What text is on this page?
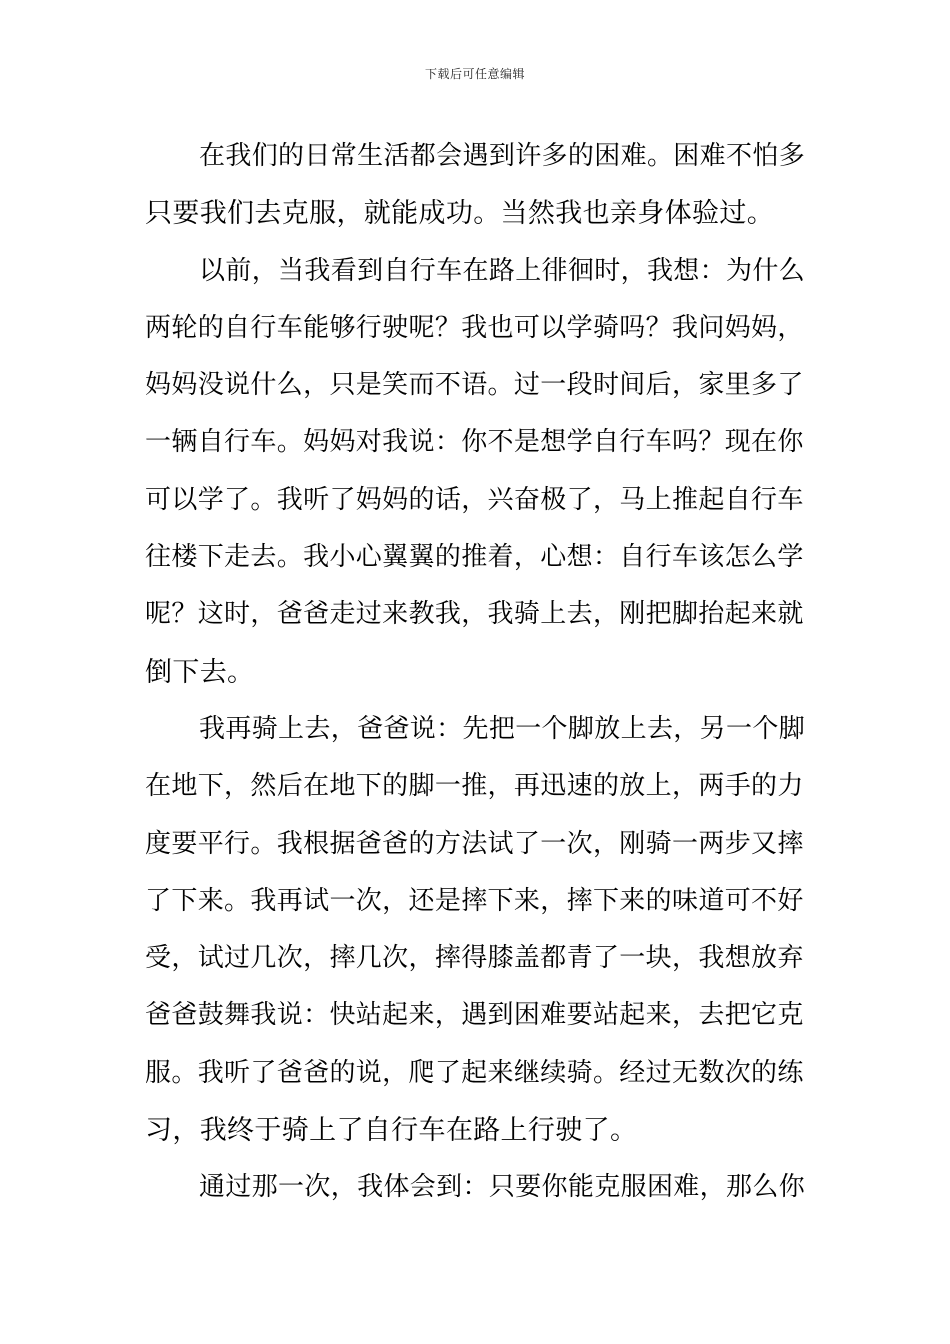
下载后可任意编辑
在我们的日常生活都会遇到许多的困难。困难不怕多
只要我们去克服，就能成功。当然我也亲身体验过。
以前，当我看到自行车在路上徘徊时，我想：为什么
两轮的自行车能够行驶呢？我也可以学骑吗？我问妈妈，
妈妈没说什么，只是笑而不语。过一段时间后，家里多了
一辆自行车。妈妈对我说：你不是想学自行车吗？现在你
可以学了。我听了妈妈的话，兴奋极了，马上推起自行车
往楼下走去。我小心翼翼的推着，心想：自行车该怎么学
呢？这时，爸爸走过来教我，我骑上去，刚把脚抬起来就
倒下去。
我再骑上去，爸爸说：先把一个脚放上去，另一个脚
在地下，然后在地下的脚一推，再迅速的放上，两手的力
度要平行。我根据爸爸的方法试了一次，刚骑一两步又摔
了下来。我再试一次，还是摔下来，摔下来的味道可不好
受，试过几次，摔几次，摔得膝盖都青了一块，我想放弃
爸爸鼓舞我说：快站起来，遇到困难要站起来，去把它克
服。我听了爸爸的说，爬了起来继续骑。经过无数次的练
习，我终于骑上了自行车在路上行驶了。
通过那一次，我体会到：只要你能克服困难，那么你
